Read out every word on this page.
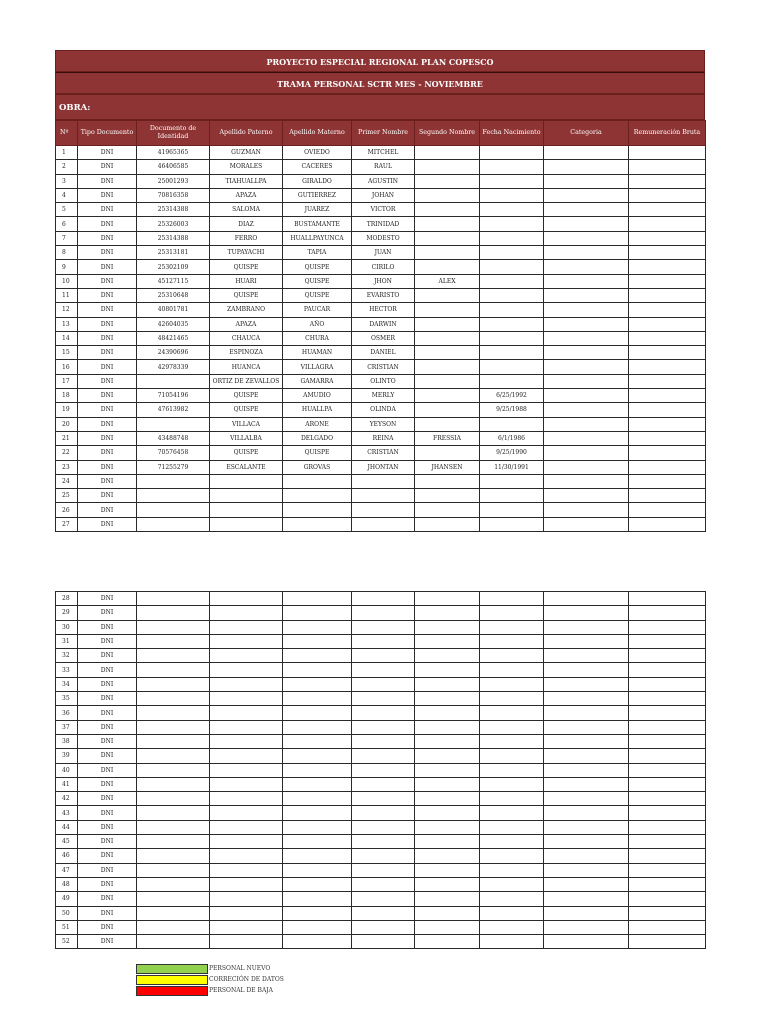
PROYECTO ESPECIAL REGIONAL PLAN COPESCO
TRAMA PERSONAL SCTR MES - NOVIEMBRE
OBRA:
Nº	Tipo Documento	Documento de Identidad	Apellido Paterno	Apellido Materno	Primer Nombre	Segundo Nombre	Fecha Nacimiento	Categoria	Remuneración Bruta
1	DNI	41965365	GUZMAN	OVIEDO	MITCHEL				
2	DNI	46406585	MORALES	CACERES	RAUL				
3	DNI	25001293	TIAHUALLPA	GIRALDO	AGUSTIN				
4	DNI	70816358	APAZA	GUTIERREZ	JOHAN				
5	DNI	25314388	SALOMA	JUAREZ	VICTOR				
6	DNI	25326003	DIAZ	BUSTAMANTE	TRINIDAD				
7	DNI	25314388	FERRO	HUALLPAYUNCA	MODESTO				
8	DNI	25313181	TUPAYACHI	TAPIA	JUAN				
9	DNI	25302109	QUISPE	QUISPE	CIRILO				
10	DNI	45127115	HUARI	QUISPE	JHON	ALEX			
11	DNI	25310648	QUISPE	QUISPE	EVARISTO				
12	DNI	40801781	ZAMBRANO	PAUCAR	HECTOR				
13	DNI	42604035	APAZA	AÑO	DARWIN				
14	DNI	48421465	CHAUCA	CHURA	OSMER				
15	DNI	24390696	ESPINOZA	HUAMAN	DANIEL				
16	DNI	42978339	HUANCA	VILLAGRA	CRISTIAN				
17	DNI		ORTIZ DE ZEVALLOS	GAMARRA	OLINTO				
18	DNI	71054196	QUISPE	AMUDIO	MERLY		6/25/1992		
19	DNI	47613982	QUISPE	HUALLPA	OLINDA		9/25/1988		
20	DNI		VILLACA	ARONE	YEYSON				
21	DNI	43488748	VILLALBA	DELGADO	REINA	FRESSIA	6/1/1986		
22	DNI	70576458	QUISPE	QUISPE	CRISTIAN		9/25/1990		
23	DNI	71255279	ESCALANTE	GROVAS	JHONTAN	JHANSEN	11/30/1991		
24	DNI								
25	DNI								
26	DNI								
27	DNI								
28	DNI								
29	DNI								
30	DNI								
31	DNI								
32	DNI								
33	DNI								
34	DNI								
35	DNI								
36	DNI								
37	DNI								
38	DNI								
39	DNI								
40	DNI								
41	DNI								
42	DNI								
43	DNI								
44	DNI								
45	DNI								
46	DNI								
47	DNI								
48	DNI								
49	DNI								
50	DNI								
51	DNI								
52	DNI								
PERSONAL NUEVO
CORRECIÓN DE DATOS
PERSONAL DE BAJA
